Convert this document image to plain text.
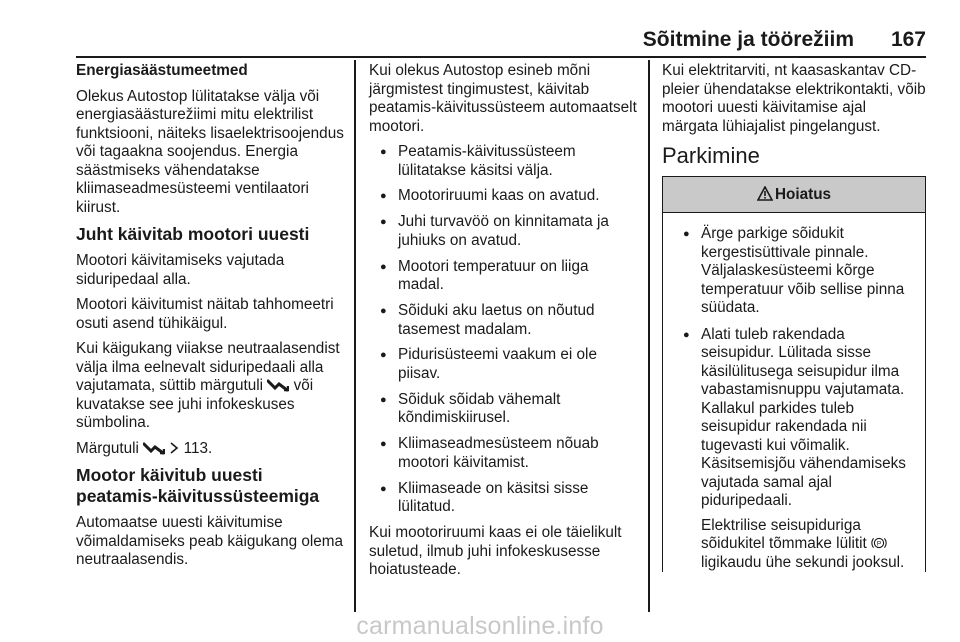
Sõitmine ja töörežiim 167

Energiasäästumeetmed

Olekus Autostop lülitatakse välja või energiasäästurežiimi mitu elektrilist funktsiooni, näiteks lisaelektrisoojendus või tagaakna soojendus. Energia säästmiseks vähendatakse kliimaseadmesüsteemi ventilaatori kiirust.

Juht käivitab mootori uuesti

Mootori käivitamiseks vajutada siduripedaal alla.

Mootori käivitumist näitab tahhomeetri osuti asend tühikäigul.

Kui käigukang viiakse neutraalasendist välja ilma eelnevalt siduripedaali alla vajutamata, süttib märgutuli või kuvatakse see juhi infokeskuses sümbolina.

Märgutuli	113.

Mootor käivitub uuesti peatamis-käivitussüsteemiga

Automaatse uuesti käivitumise võimaldamiseks peab käigukang olema neutraalasendis.

Kui olekus Autostop esineb mõni järgmistest tingimustest, käivitab peatamis-käivitussüsteem automaatselt mootori.

● Peatamis-käivitussüsteem lülitatakse käsitsi välja.
● Mootoriruumi kaas on avatud.
● Juhi turvavöö on kinnitamata ja juhiuks on avatud.
● Mootori temperatuur on liiga madal.
● Sõiduki aku laetus on nõutud tasemest madalam.
● Pidurisüsteemi vaakum ei ole piisav.
● Sõiduk sõidab vähemalt kõndimiskiirusel.
● Kliimaseadmesüsteem nõuab mootori käivitamist.
● Kliimaseade on käsitsi sisse lülitatud.

Kui mootoriruumi kaas ei ole täielikult suletud, ilmub juhi infokeskusesse hoiatusteade.

Kui elektritarviti, nt kaasaskantav CD-pleier ühendatakse elektrikontakti, võib mootori uuesti käivitamise ajal märgata lühiajalist pingelangust.

Parkimine

Hoiatus
● Ärge parkige sõidukit kergestisüttivale pinnale. Väljalaskesüsteemi kõrge temperatuur võib sellise pinna süüdata.
● Alati tuleb rakendada seisupidur. Lülitada sisse käsilülitusega seisupidur ilma vabastamisnuppu vajutamata. Kallakul parkides tuleb seisupidur rakendada nii tugevasti kui võimalik. Käsitsemisjõu vähendamiseks vajutada samal ajal piduripedaali.
Elektrilise seisupiduriga sõidukitel tõmmake lülitit P

ligikaudu ühe sekundi jooksul.
carmanualsonline.info
